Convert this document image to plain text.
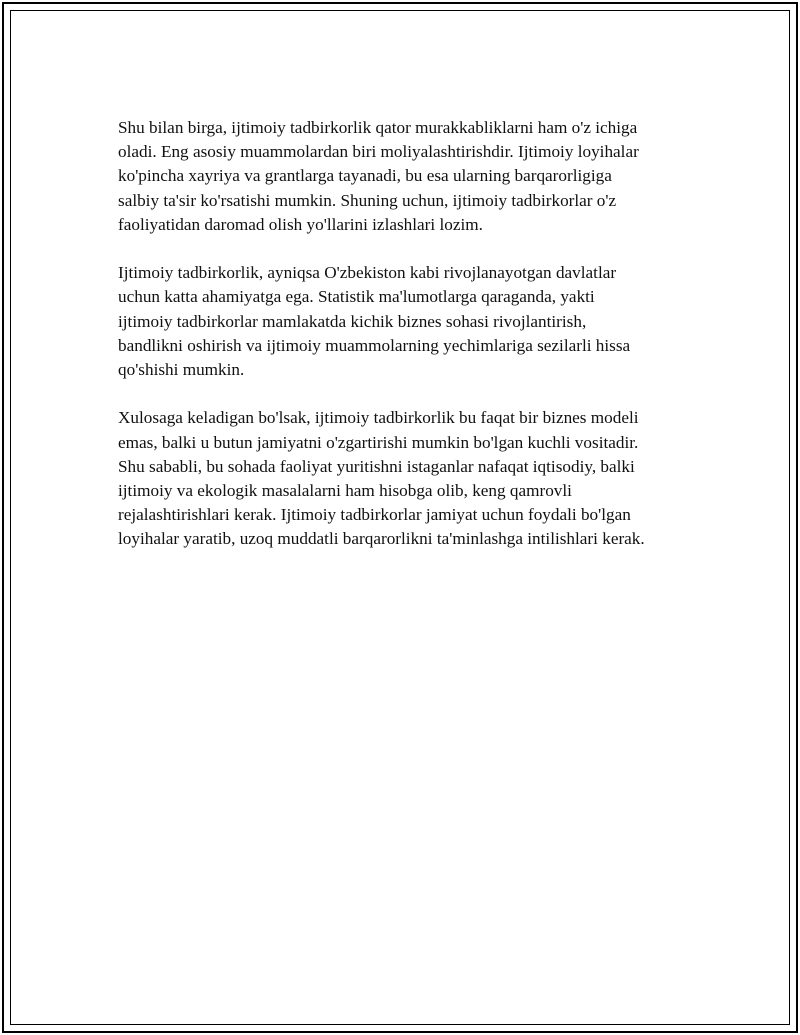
Shu bilan birga, ijtimoiy tadbirkorlik qator murakkabliklarni ham o'z ichiga
oladi. Eng asosiy muammolardan biri moliyalashtirishdir. Ijtimoiy loyihalar
ko'pincha xayriya va grantlarga tayanadi, bu esa ularning barqarorligiga
salbiy ta'sir ko'rsatishi mumkin. Shuning uchun, ijtimoiy tadbirkorlar o'z
faoliyatidan daromad olish yo'llarini izlashlari lozim.

Ijtimoiy tadbirkorlik, ayniqsa O'zbekiston kabi rivojlanayotgan davlatlar
uchun katta ahamiyatga ega. Statistik ma'lumotlarga qaraganda, yakti
ijtimoiy tadbirkorlar mamlakatda kichik biznes sohasi rivojlantirish,
bandlikni oshirish va ijtimoiy muammolarning yechimlariga sezilarli hissa
qo'shishi mumkin.

Xulosaga keladigan bo'lsak, ijtimoiy tadbirkorlik bu faqat bir biznes modeli
emas, balki u butun jamiyatni o'zgartirishi mumkin bo'lgan kuchli vositadir.
Shu sababli, bu sohada faoliyat yuritishni istaganlar nafaqat iqtisodiy, balki
ijtimoiy va ekologik masalalarni ham hisobga olib, keng qamrovli
rejalashtirishlari kerak. Ijtimoiy tadbirkorlar jamiyat uchun foydali bo'lgan
loyihalar yaratib, uzoq muddatli barqarorlikni ta'minlashga intilishlari kerak.
